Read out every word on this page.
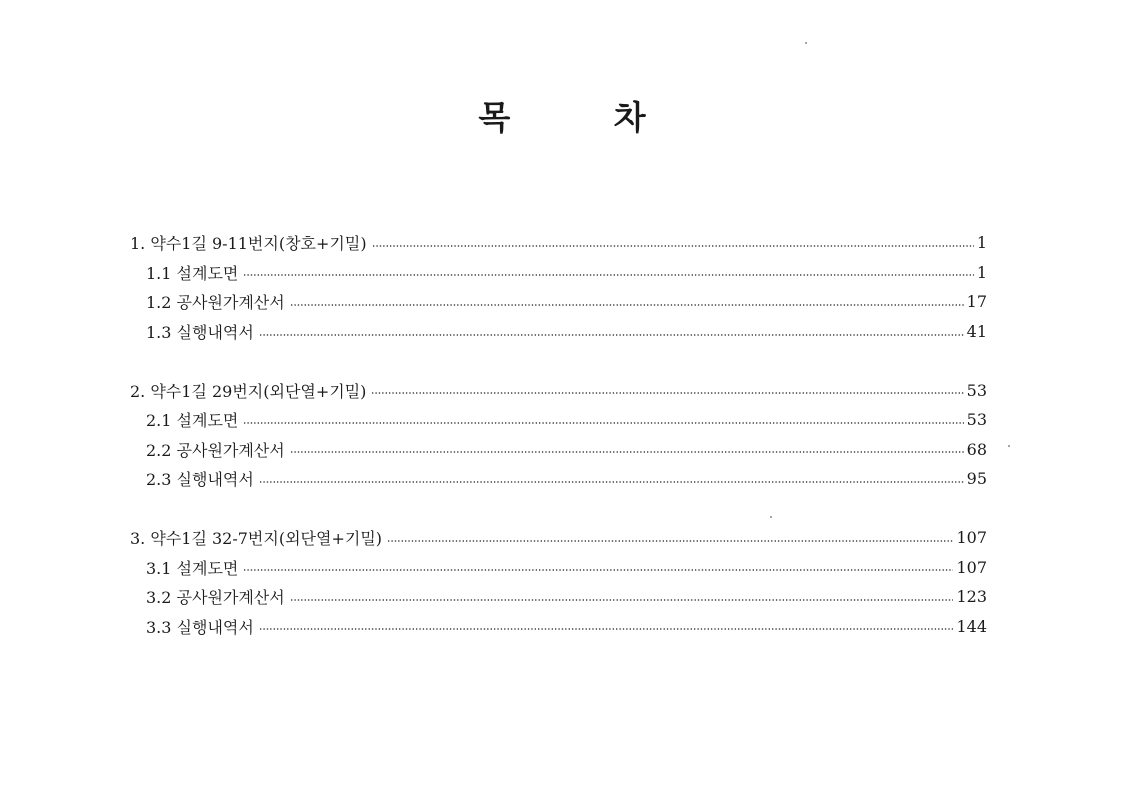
목 차
1. 약수1길 9-11번지(창호+기밀)	1
1.1 설계도면	1
1.2 공사원가계산서	17
1.3 실행내역서	41
2. 약수1길 29번지(외단열+기밀)	53
2.1 설계도면	53
2.2 공사원가계산서	68
2.3 실행내역서	95
3. 약수1길 32-7번지(외단열+기밀)	107
3.1 설계도면	107
3.2 공사원가계산서	123
3.3 실행내역서	144
